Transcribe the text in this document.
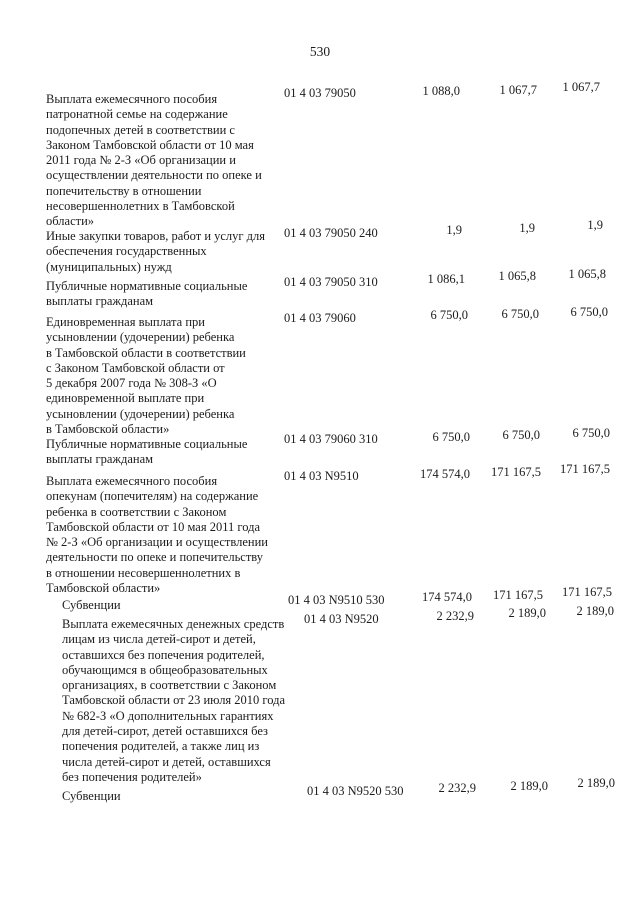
530
Выплата ежемесячного пособия
патронатной семье на содержание
подопечных детей в соответствии с
Законом Тамбовской области от 10 мая
2011 года № 2-З «Об организации и
осуществлении деятельности по опеке и
попечительству в отношении
несовершеннолетних в Тамбовской
области»
01 4 03 79050	1 088,0	1 067,7	1 067,7
Иные закупки товаров, работ и услуг для
обеспечения государственных
(муниципальных) нужд
01 4 03 79050 240	1,9	1,9	1,9
Публичные нормативные социальные
выплаты гражданам
01 4 03 79050 310	1 086,1	1 065,8	1 065,8
Единовременная выплата при
усыновлении (удочерении) ребенка
в Тамбовской области в соответствии
с Законом Тамбовской области от
5 декабря 2007 года № 308-З «О
единовременной выплате при
усыновлении (удочерении) ребенка
в Тамбовской области»
01 4 03 79060	6 750,0	6 750,0	6 750,0
Публичные нормативные социальные
выплаты гражданам
01 4 03 79060 310	6 750,0	6 750,0	6 750,0
Выплата ежемесячного пособия
опекунам (попечителям) на содержание
ребенка в соответствии с Законом
Тамбовской области от 10 мая 2011 года
№ 2-З «Об организации и осуществлении
деятельности по опеке и попечительству
в отношении несовершеннолетних в
Тамбовской области»
01 4 03 N9510	174 574,0	171 167,5	171 167,5
Субвенции	01 4 03 N9510 530	174 574,0	171 167,5	171 167,5
Выплата ежемесячных денежных средств
лицам из числа детей-сирот и детей,
оставшихся без попечения родителей,
обучающимся в общеобразовательных
организациях, в соответствии с Законом
Тамбовской области от 23 июля 2010 года
№ 682-З «О дополнительных гарантиях
для детей-сирот, детей оставшихся без
попечения родителей, а также лиц из
числа детей-сирот и детей, оставшихся
без попечения родителей»
01 4 03 N9520	2 232,9	2 189,0	2 189,0
Субвенции	01 4 03 N9520 530	2 232,9	2 189,0	2 189,0
